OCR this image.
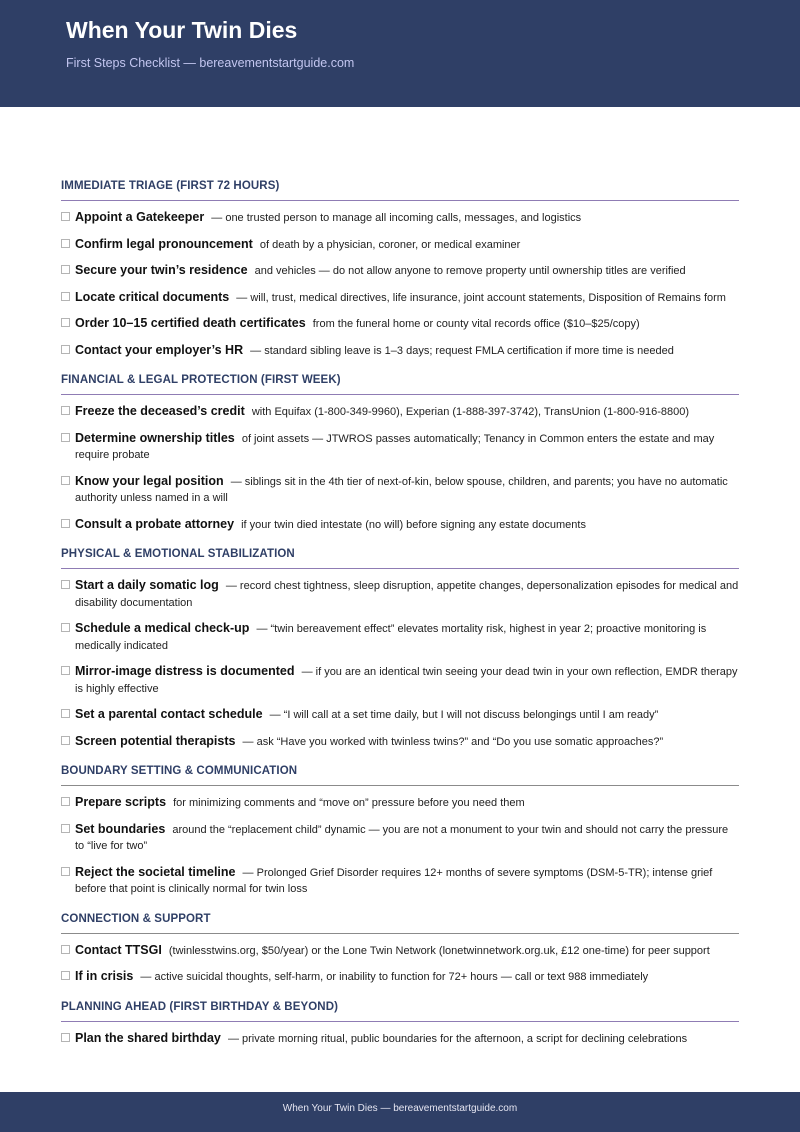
When Your Twin Dies
First Steps Checklist — bereavementstartguide.com
IMMEDIATE TRIAGE (FIRST 72 HOURS)
Appoint a Gatekeeper — one trusted person to manage all incoming calls, messages, and logistics
Confirm legal pronouncement of death by a physician, coroner, or medical examiner
Secure your twin’s residence and vehicles — do not allow anyone to remove property until ownership titles are verified
Locate critical documents — will, trust, medical directives, life insurance, joint account statements, Disposition of Remains form
Order 10–15 certified death certificates from the funeral home or county vital records office ($10–$25/copy)
Contact your employer’s HR — standard sibling leave is 1–3 days; request FMLA certification if more time is needed
FINANCIAL & LEGAL PROTECTION (FIRST WEEK)
Freeze the deceased’s credit with Equifax (1-800-349-9960), Experian (1-888-397-3742), TransUnion (1-800-916-8800)
Determine ownership titles of joint assets — JTWROS passes automatically; Tenancy in Common enters the estate and may require probate
Know your legal position — siblings sit in the 4th tier of next-of-kin, below spouse, children, and parents; you have no automatic authority unless named in a will
Consult a probate attorney if your twin died intestate (no will) before signing any estate documents
PHYSICAL & EMOTIONAL STABILIZATION
Start a daily somatic log — record chest tightness, sleep disruption, appetite changes, depersonalization episodes for medical and disability documentation
Schedule a medical check-up — “twin bereavement effect” elevates mortality risk, highest in year 2; proactive monitoring is medically indicated
Mirror-image distress is documented — if you are an identical twin seeing your dead twin in your own reflection, EMDR therapy is highly effective
Set a parental contact schedule — “I will call at a set time daily, but I will not discuss belongings until I am ready”
Screen potential therapists — ask “Have you worked with twinless twins?” and “Do you use somatic approaches?”
BOUNDARY SETTING & COMMUNICATION
Prepare scripts for minimizing comments and “move on” pressure before you need them
Set boundaries around the “replacement child” dynamic — you are not a monument to your twin and should not carry the pressure to “live for two”
Reject the societal timeline — Prolonged Grief Disorder requires 12+ months of severe symptoms (DSM-5-TR); intense grief before that point is clinically normal for twin loss
CONNECTION & SUPPORT
Contact TTSGI (twinlesstwins.org, $50/year) or the Lone Twin Network (lonetwinnetwork.org.uk, £12 one-time) for peer support
If in crisis — active suicidal thoughts, self-harm, or inability to function for 72+ hours — call or text 988 immediately
PLANNING AHEAD (FIRST BIRTHDAY & BEYOND)
Plan the shared birthday — private morning ritual, public boundaries for the afternoon, a script for declining celebrations
When Your Twin Dies — bereavementstartguide.com
